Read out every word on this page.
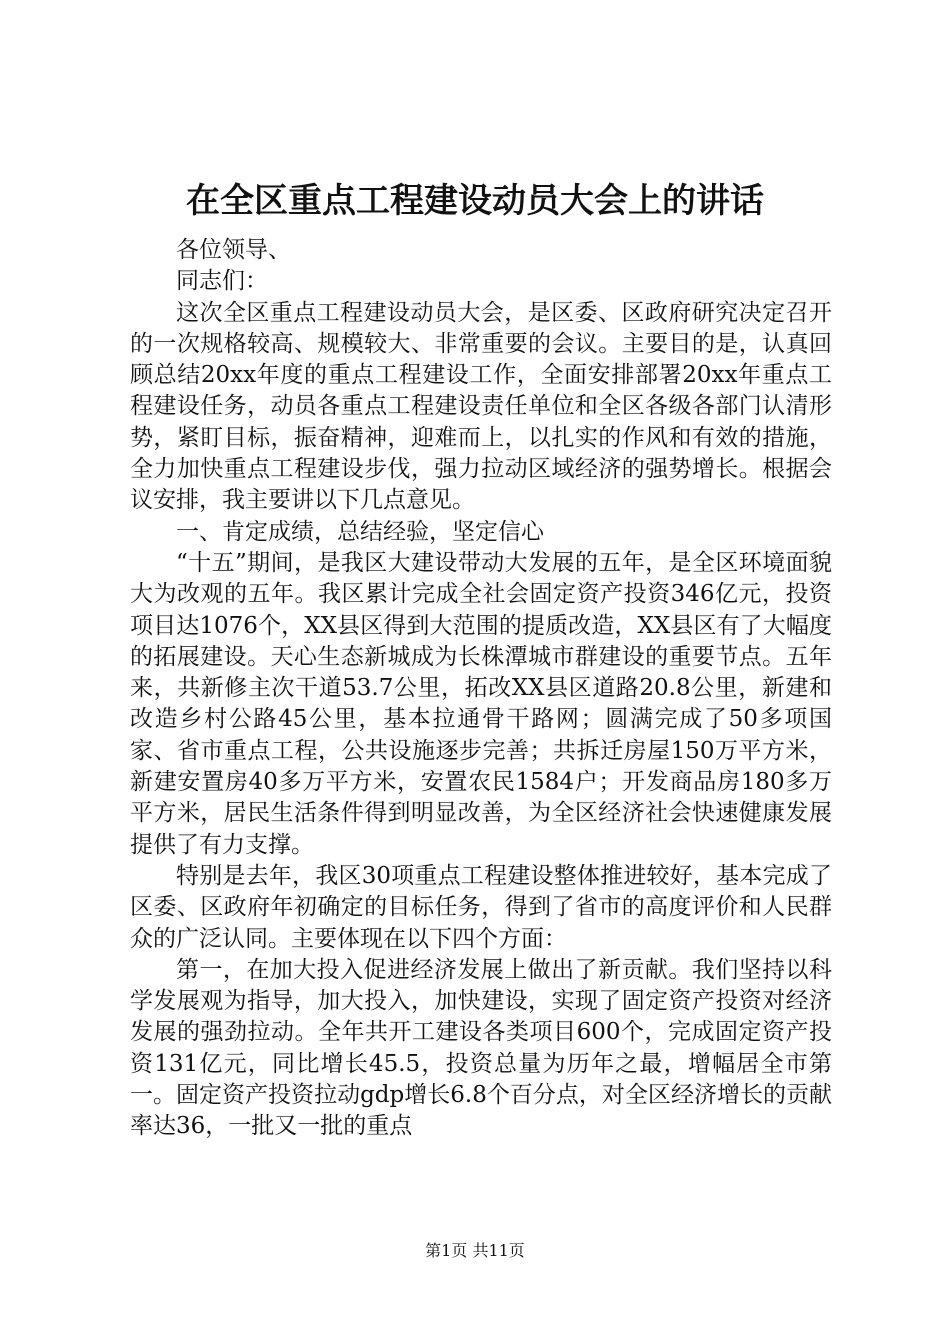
在全区重点工程建设动员大会上的讲话

各位领导、

同志们：

这次全区重点工程建设动员大会，是区委、区政府研究决定召开的一次规格较高、规模较大、非常重要的会议。主要目的是，认真回顾总结20xx年度的重点工程建设工作，全面安排部署20xx年重点工程建设任务，动员各重点工程建设责任单位和全区各级各部门认清形势，紧盯目标，振奋精神，迎难而上，以扎实的作风和有效的措施，全力加快重点工程建设步伐，强力拉动区域经济的强势增长。根据会议安排，我主要讲以下几点意见。

一、肯定成绩，总结经验，坚定信心

“十五”期间，是我区大建设带动大发展的五年，是全区环境面貌大为改观的五年。我区累计完成全社会固定资产投资346亿元，投资项目达1076个，XX县区得到大范围的提质改造，XX县区有了大幅度的拓展建设。天心生态新城成为长株潭城市群建设的重要节点。五年来，共新修主次干道53.7公里，拓改XX县区道路20.8公里，新建和改造乡村公路45公里，基本拉通骨干路网；圆满完成了50多项国家、省市重点工程，公共设施逐步完善；共拆迁房屋150万平方米，新建安置房40多万平方米，安置农民1584户；开发商品房180多万平方米，居民生活条件得到明显改善，为全区经济社会快速健康发展提供了有力支撑。

特别是去年，我区30项重点工程建设整体推进较好，基本完成了区委、区政府年初确定的目标任务，得到了省市的高度评价和人民群众的广泛认同。主要体现在以下四个方面：

第一，在加大投入促进经济发展上做出了新贡献。我们坚持以科学发展观为指导，加大投入，加快建设，实现了固定资产投资对经济发展的强劲拉动。全年共开工建设各类项目600个，完成固定资产投资131亿元，同比增长45.5，投资总量为历年之最，增幅居全市第一。固定资产投资拉动gdp增长6.8个百分点，对全区经济增长的贡献率达36，一批又一批的重点

第1页 共11页
